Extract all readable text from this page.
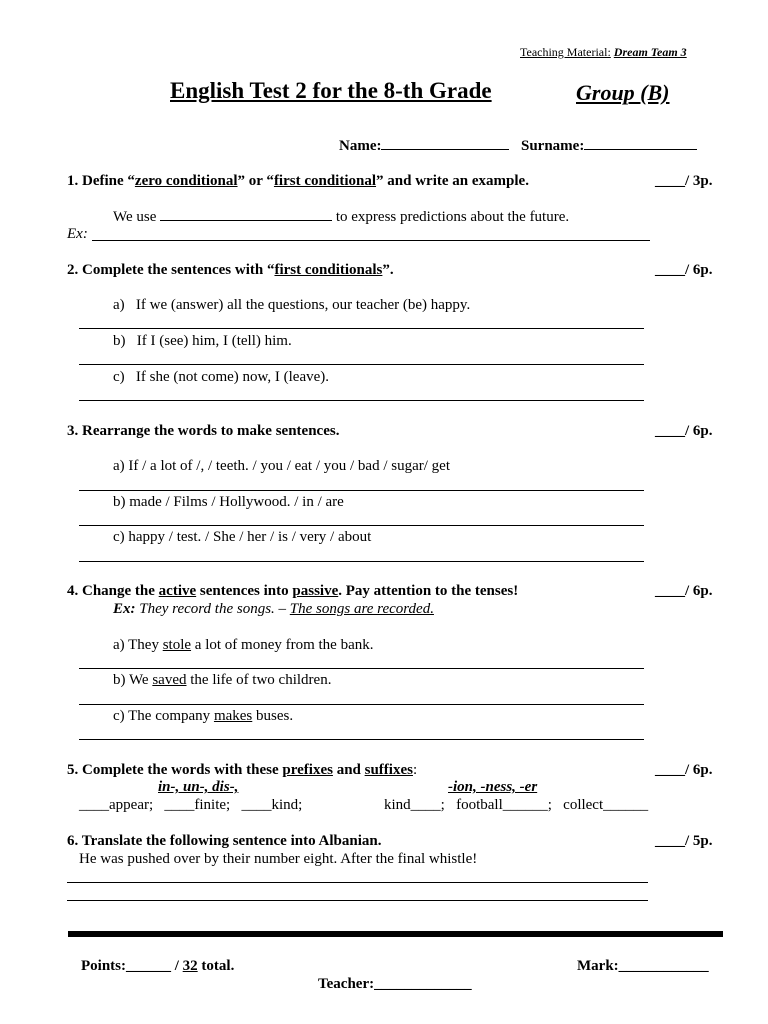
Teaching Material: Dream Team 3
English Test 2 for the 8-th Grade	Group (B)
Name:	Surname:
1. Define “zero conditional” or “first conditional” and write an example.	____/ 3p.
We use	to express predictions about the future.
Ex:
2. Complete the sentences with “first conditionals”.	____/ 6p.
a) If we (answer) all the questions, our teacher (be) happy.
b) If I (see) him, I (tell) him.
c) If she (not come) now, I (leave).
3. Rearrange the words to make sentences.	____/ 6p.
a) If / a lot of /, / teeth. / you / eat / you / bad / sugar/ get
b) made / Films / Hollywood. / in / are
c) happy / test. / She / her / is / very / about
4. Change the active sentences into passive. Pay attention to the tenses!	____/ 6p.
Ex: They record the songs. – The songs are recorded.
a) They stole a lot of money from the bank.
b) We saved the life of two children.
c) The company makes buses.
5. Complete the words with these prefixes and suffixes:	____/ 6p.
in-, un-, dis-,	-ion, -ness, -er
____appear;   ____finite;   ____kind;	kind____;   football______;   collect______
6. Translate the following sentence into Albanian.	____/ 5p.
He was pushed over by their number eight. After the final whistle!
Points:______ / 32 total.	Mark:____________
Teacher:_____________
